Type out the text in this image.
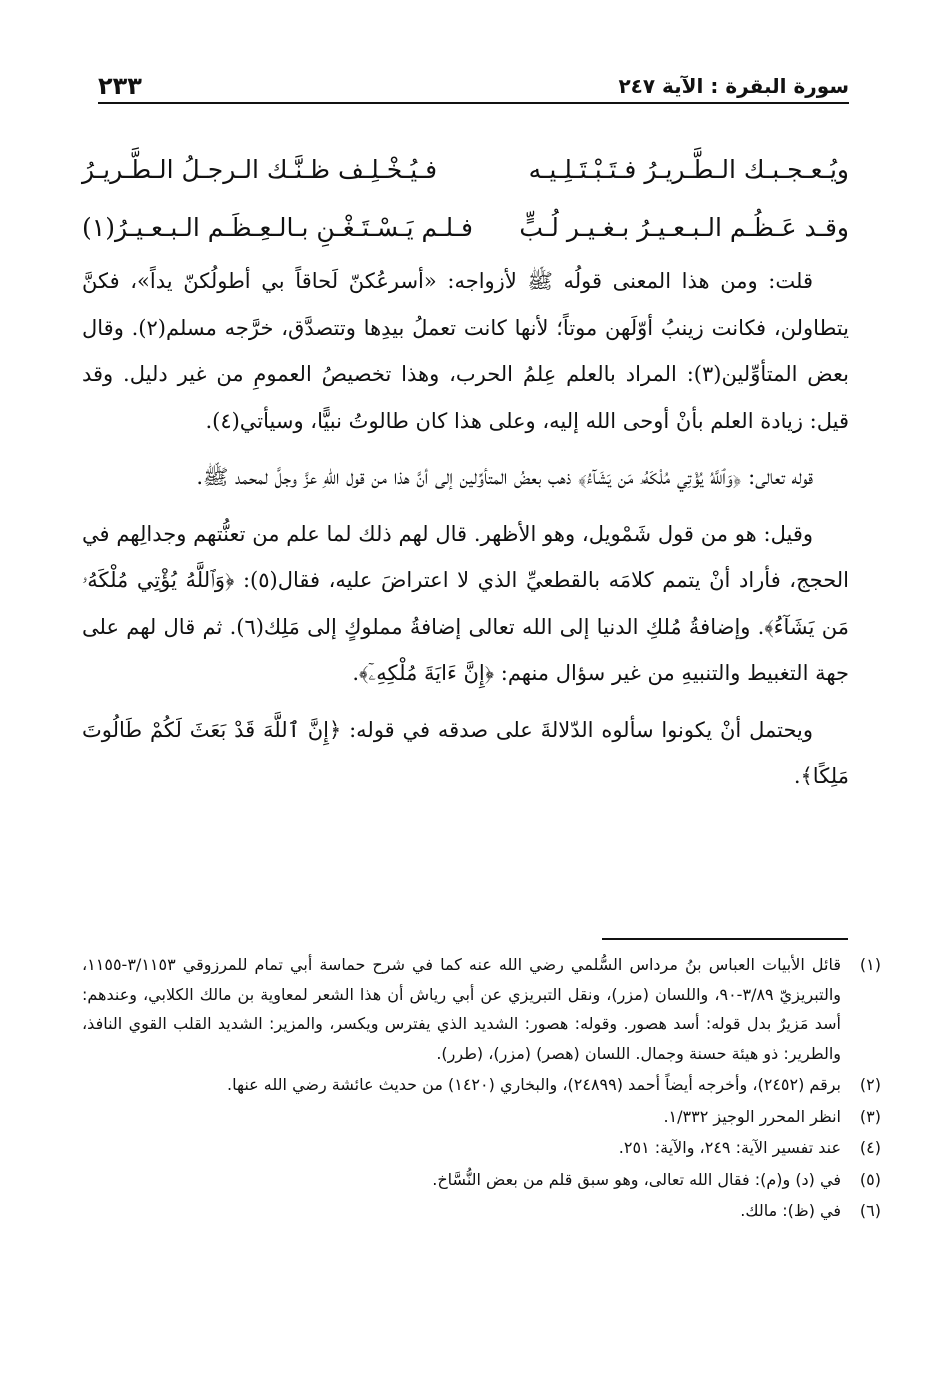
سورة البقرة : الآية ٢٤٧
٢٣٣
ويُـعـجـبـك الـطَّـريـرُ فـتَـبْـتَـلِـيـه
فـيُـخْـلِـف ظـنَّـك الـرجـلُ الـطَّـريـرُ
وقـد عَـظُـم الـبـعـيـرُ بـغـيـر لُـبٍّ
فـلـم يَـسْـتَـغْـنِ بـالـعِـظَـم الـبـعـيـرُ(١)

قلت: ومن هذا المعنى قولُه ﷺ لأزواجه: «أسرعُكنّ لَحاقاً بي أطولُكنّ يداً»، فكنَّ يتطاولن، فكانت زينبُ أوّلَهن موتاً؛ لأنها كانت تعملُ بيدِها وتتصدَّق، خرَّجه مسلم(٢). وقال بعض المتأوِّلين(٣): المراد بالعلم عِلمُ الحرب، وهذا تخصيصُ العمومِ من غير دليل. وقد قيل: زيادة العلم بأنْ أوحى الله إليه، وعلى هذا كان طالوتُ نبيًّا، وسيأتي(٤).

قوله تعالى: ﴿وَٱللَّهُ يُؤْتِي مُلْكَهُۥ مَن يَشَآءُ﴾ ذهب بعضُ المتأوِّلين إلى أنَّ هذا من قول اللهِ عزَّ وجلَّ لمحمد ﷺ.

وقيل: هو من قول شَمْويل، وهو الأظهر. قال لهم ذلك لما علم من تعنُّتهم وجدالِهم في الحجج، فأراد أنْ يتمم كلامَه بالقطعيِّ الذي لا اعتراضَ عليه، فقال(٥): ﴿وَٱللَّهُ يُؤْتِي مُلْكَهُۥ مَن يَشَآءُ﴾. وإضافةُ مُلكِ الدنيا إلى الله تعالى إضافةُ مملوكٍ إلى مَلِك(٦). ثم قال لهم على جهة التغبيط والتنبيهِ من غير سؤال منهم: ﴿إِنَّ ءَايَةَ مُلْكِهِۦٓ﴾.

ويحتمل أنْ يكونوا سألوه الدّلالةَ على صدقه في قوله: ﴿إِنَّ ٱللَّهَ قَدْ بَعَثَ لَكُمْ طَالُوتَ مَلِكًا﴾.

(١)
قائل الأبيات العباس بنُ مرداس السُّلمي رضي الله عنه كما في شرح حماسة أبي تمام للمرزوقي ٣/١١٥٣-١١٥٥، والتبريزيّ ٣/٨٩-٩٠، واللسان (مزر)، ونقل التبريزي عن أبي رياش أن هذا الشعر لمعاوية بن مالك الكلابي، وعندهم: أسد مَزيرٌ بدل قوله: أسد هصور. وقوله: هصور: الشديد الذي يفترس ويكسر، والمزير: الشديد القلب القوي النافذ، والطرير: ذو هيئة حسنة وجمال. اللسان (هصر) (مزر)، (طرر).
(٢)
برقم (٢٤٥٢)، وأخرجه أيضاً أحمد (٢٤٨٩٩)، والبخاري (١٤٢٠) من حديث عائشة رضي الله عنها.
(٣)
انظر المحرر الوجيز ١/٣٣٢.
(٤)
عند تفسير الآية: ٢٤٩، والآية: ٢٥١.
(٥)
في (د) و(م): فقال الله تعالى، وهو سبق قلم من بعض النُّسَّاخ.
(٦)
في (ظ): مالك.
